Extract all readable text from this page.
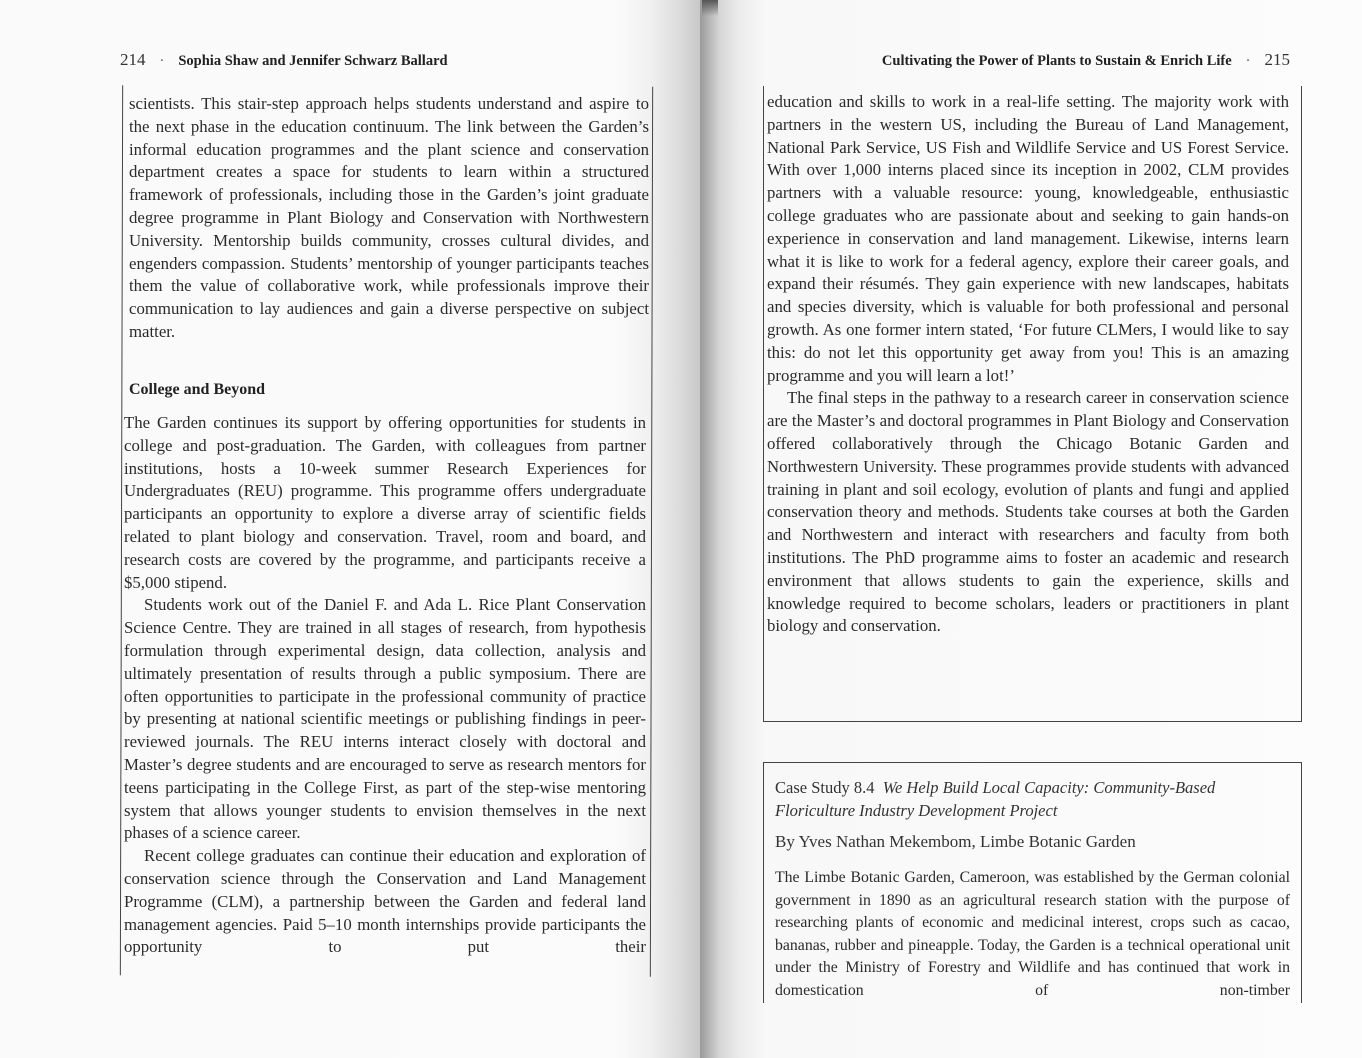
214 · Sophia Shaw and Jennifer Schwarz Ballard	Cultivating the Power of Plants to Sustain & Enrich Life · 215

scientists. This stair-step approach helps students understand and aspire to the next phase in the education continuum. The link between the Garden’s informal education programmes and the plant science and conservation department creates a space for students to learn within a structured framework of professionals, including those in the Garden’s joint graduate degree programme in Plant Biology and Conservation with Northwestern University. Mentorship builds community, crosses cultural divides, and engenders compassion. Students’ mentorship of younger participants teaches them the value of collaborative work, while professionals improve their communication to lay audiences and gain a diverse perspective on subject matter.

College and Beyond

The Garden continues its support by offering opportunities for students in college and post-graduation. The Garden, with colleagues from partner institutions, hosts a 10-week summer Research Experiences for Undergraduates (REU) programme. This programme offers undergraduate participants an opportunity to explore a diverse array of scientific fields related to plant biology and conservation. Travel, room and board, and research costs are covered by the programme, and participants receive a $5,000 stipend.

Students work out of the Daniel F. and Ada L. Rice Plant Conservation Science Centre. They are trained in all stages of research, from hypothesis formulation through experimental design, data collection, analysis and ultimately presentation of results through a public symposium. There are often opportunities to participate in the professional community of practice by presenting at national scientific meetings or publishing findings in peer-reviewed journals. The REU interns interact closely with doctoral and Master’s degree students and are encouraged to serve as research mentors for teens participating in the College First, as part of the step-wise mentoring system that allows younger students to envision themselves in the next phases of a science career.

Recent college graduates can continue their education and exploration of conservation science through the Conservation and Land Management Programme (CLM), a partnership between the Garden and federal land management agencies. Paid 5–10 month internships provide participants the opportunity to put their

education and skills to work in a real-life setting. The majority work with partners in the western US, including the Bureau of Land Management, National Park Service, US Fish and Wildlife Service and US Forest Service. With over 1,000 interns placed since its inception in 2002, CLM provides partners with a valuable resource: young, knowledgeable, enthusiastic college graduates who are passionate about and seeking to gain hands-on experience in conservation and land management. Likewise, interns learn what it is like to work for a federal agency, explore their career goals, and expand their résumés. They gain experience with new landscapes, habitats and species diversity, which is valuable for both professional and personal growth. As one former intern stated, ‘For future CLMers, I would like to say this: do not let this opportunity get away from you! This is an amazing programme and you will learn a lot!’

The final steps in the pathway to a research career in conservation science are the Master’s and doctoral programmes in Plant Biology and Conservation offered collaboratively through the Chicago Botanic Garden and Northwestern University. These programmes provide students with advanced training in plant and soil ecology, evolution of plants and fungi and applied conservation theory and methods. Students take courses at both the Garden and Northwestern and interact with researchers and faculty from both institutions. The PhD programme aims to foster an academic and research environment that allows students to gain the experience, skills and knowledge required to become scholars, leaders or practitioners in plant biology and conservation.

Case Study 8.4 We Help Build Local Capacity: Community-Based Floriculture Industry Development Project
By Yves Nathan Mekembom, Limbe Botanic Garden

The Limbe Botanic Garden, Cameroon, was established by the German colonial government in 1890 as an agricultural research station with the purpose of researching plants of economic and medicinal interest, crops such as cacao, bananas, rubber and pineapple. Today, the Garden is a technical operational unit under the Ministry of Forestry and Wildlife and has continued that work in domestication of non-timber
